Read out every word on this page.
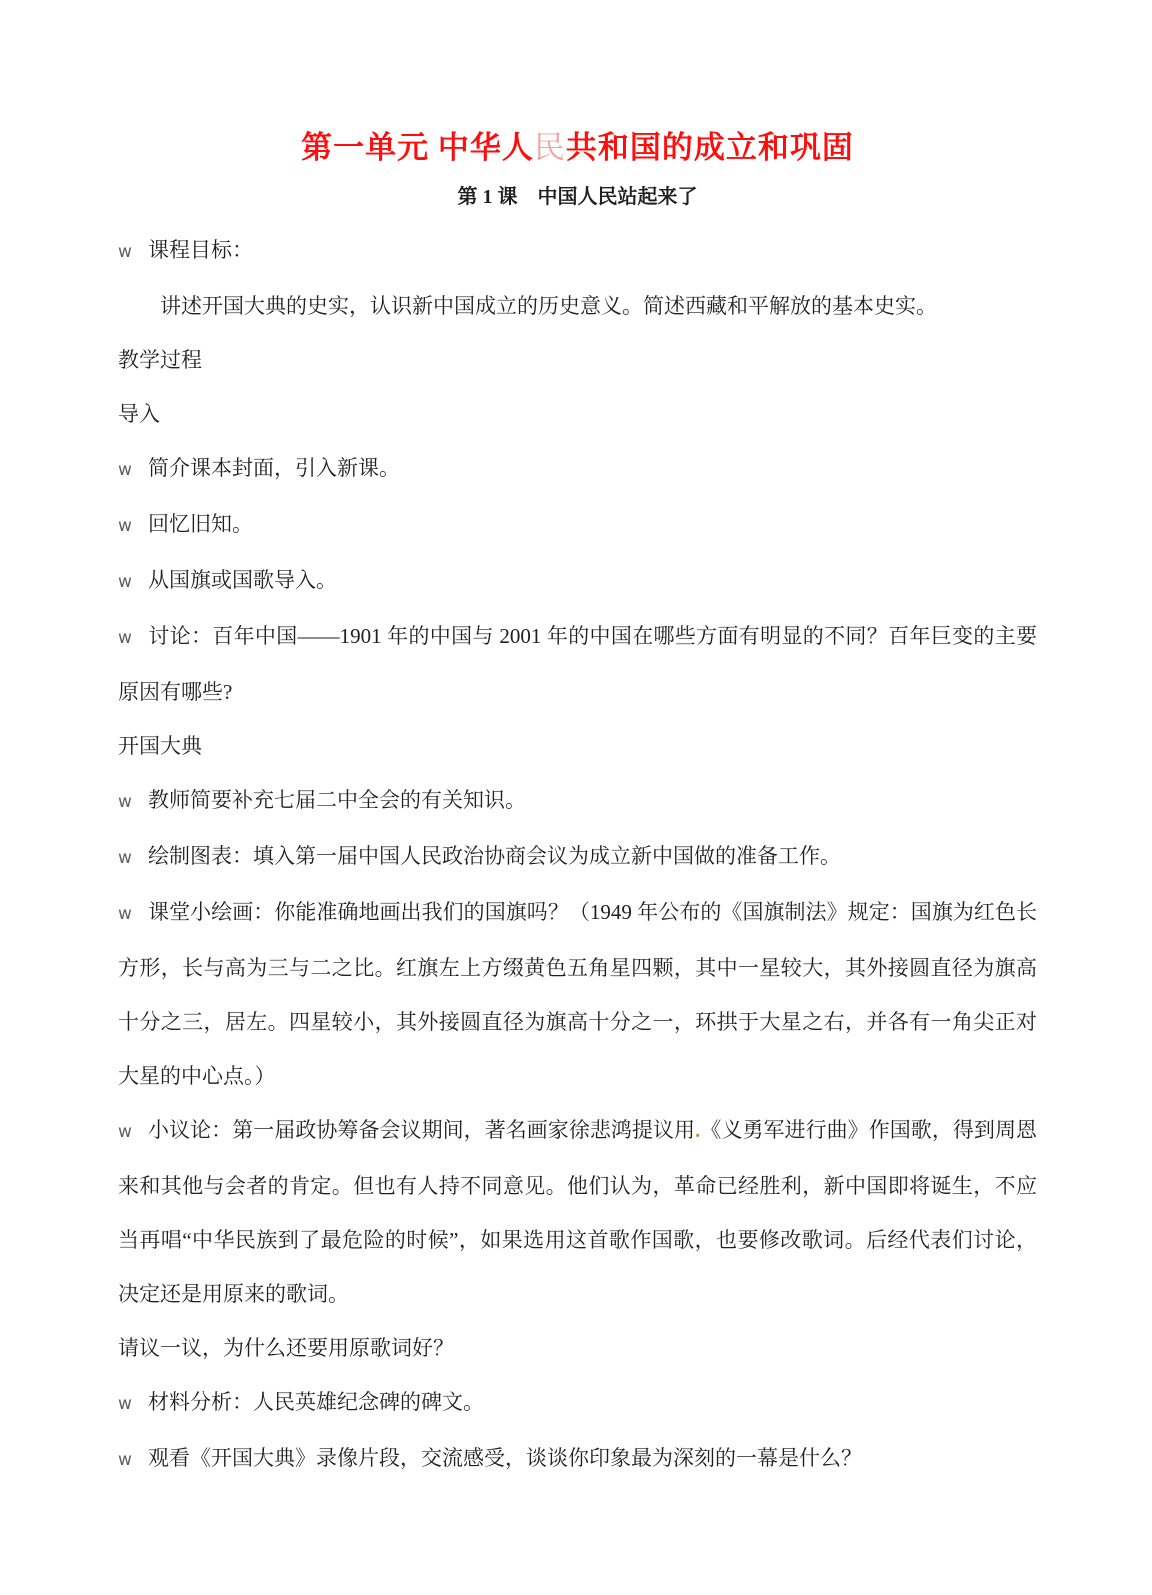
第一单元 中华人民共和国的成立和巩固
第 1 课　中国人民站起来了

w 课程目标：

讲述开国大典的史实，认识新中国成立的历史意义。简述西藏和平解放的基本史实。

教学过程

导入

w 简介课本封面，引入新课。

w 回忆旧知。

w 从国旗或国歌导入。

w 讨论：百年中国——1901 年的中国与 2001 年的中国在哪些方面有明显的不同？百年巨变的主要原因有哪些?

开国大典

w 教师简要补充七届二中全会的有关知识。

w 绘制图表：填入第一届中国人民政治协商会议为成立新中国做的准备工作。

w 课堂小绘画：你能准确地画出我们的国旗吗？（1949 年公布的《国旗制法》规定：国旗为红色长方形，长与高为三与二之比。红旗左上方缀黄色五角星四颗，其中一星较大，其外接圆直径为旗高十分之三，居左。四星较小，其外接圆直径为旗高十分之一，环拱于大星之右，并各有一角尖正对大星的中心点。）

w 小议论：第一届政协筹备会议期间，著名画家徐悲鸿提议用.《义勇军进行曲》作国歌，得到周恩来和其他与会者的肯定。但也有人持不同意见。他们认为，革命已经胜利，新中国即将诞生，不应当再唱“中华民族到了最危险的时候”，如果选用这首歌作国歌，也要修改歌词。后经代表们讨论，决定还是用原来的歌词。

请议一议，为什么还要用原歌词好？

w 材料分析：人民英雄纪念碑的碑文。

w 观看《开国大典》录像片段，交流感受，谈谈你印象最为深刻的一幕是什么？
